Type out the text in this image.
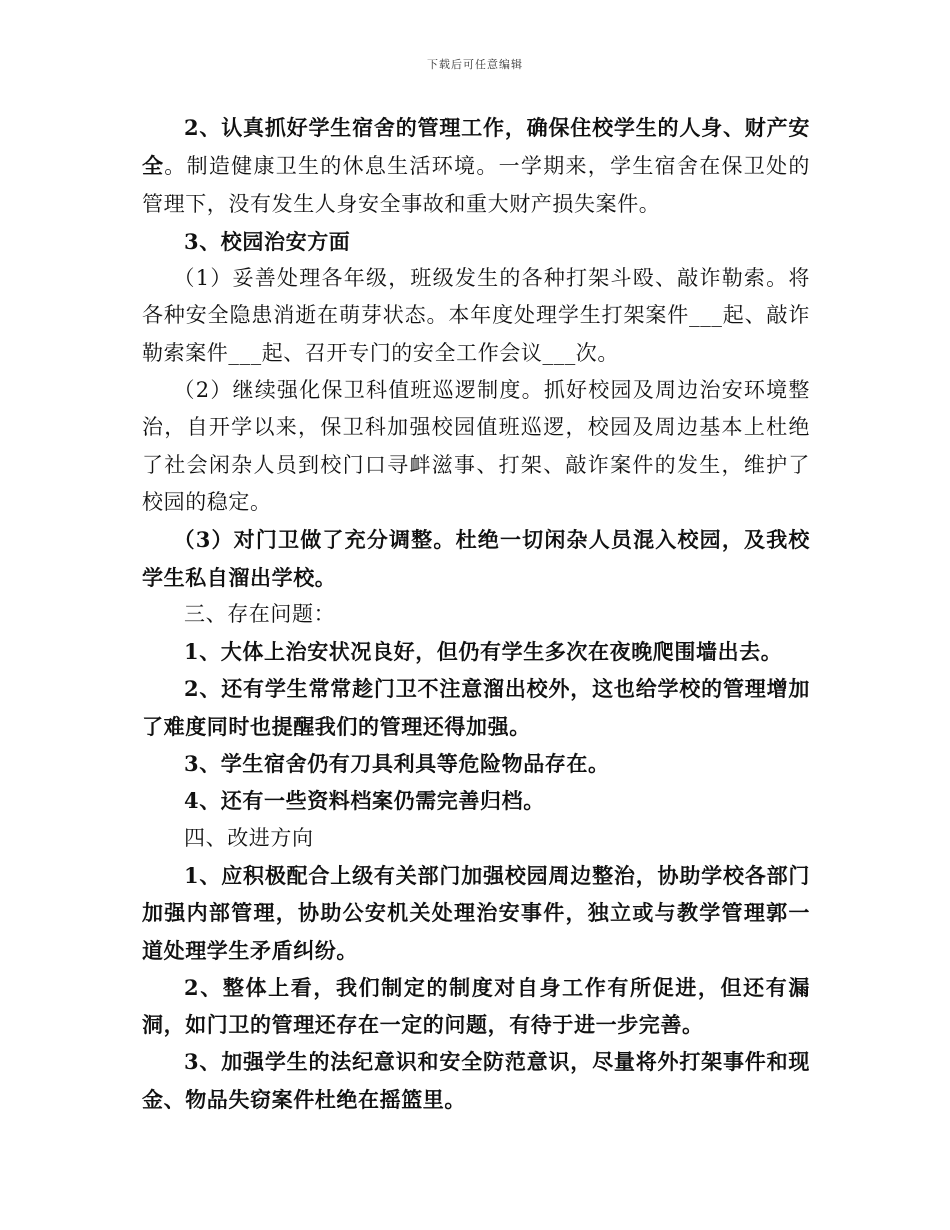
下载后可任意编辑

2、认真抓好学生宿舍的管理工作，确保住校学生的人身、财产安全。制造健康卫生的休息生活环境。一学期来，学生宿舍在保卫处的管理下，没有发生人身安全事故和重大财产损失案件。

3、校园治安方面

（1）妥善处理各年级，班级发生的各种打架斗殴、敲诈勒索。将各种安全隐患消逝在萌芽状态。本年度处理学生打架案件___起、敲诈勒索案件___起、召开专门的安全工作会议___次。

（2）继续强化保卫科值班巡逻制度。抓好校园及周边治安环境整治，自开学以来，保卫科加强校园值班巡逻，校园及周边基本上杜绝了社会闲杂人员到校门口寻衅滋事、打架、敲诈案件的发生，维护了校园的稳定。

（3）对门卫做了充分调整。杜绝一切闲杂人员混入校园，及我校学生私自溜出学校。

三、存在问题：

1、大体上治安状况良好，但仍有学生多次在夜晚爬围墙出去。

2、还有学生常常趁门卫不注意溜出校外，这也给学校的管理增加了难度同时也提醒我们的管理还得加强。

3、学生宿舍仍有刀具利具等危险物品存在。

4、还有一些资料档案仍需完善归档。

四、改进方向

1、应积极配合上级有关部门加强校园周边整治，协助学校各部门加强内部管理，协助公安机关处理治安事件，独立或与教学管理郭一道处理学生矛盾纠纷。

2、整体上看，我们制定的制度对自身工作有所促进，但还有漏洞，如门卫的管理还存在一定的问题，有待于进一步完善。

3、加强学生的法纪意识和安全防范意识，尽量将外打架事件和现金、物品失窃案件杜绝在摇篮里。
